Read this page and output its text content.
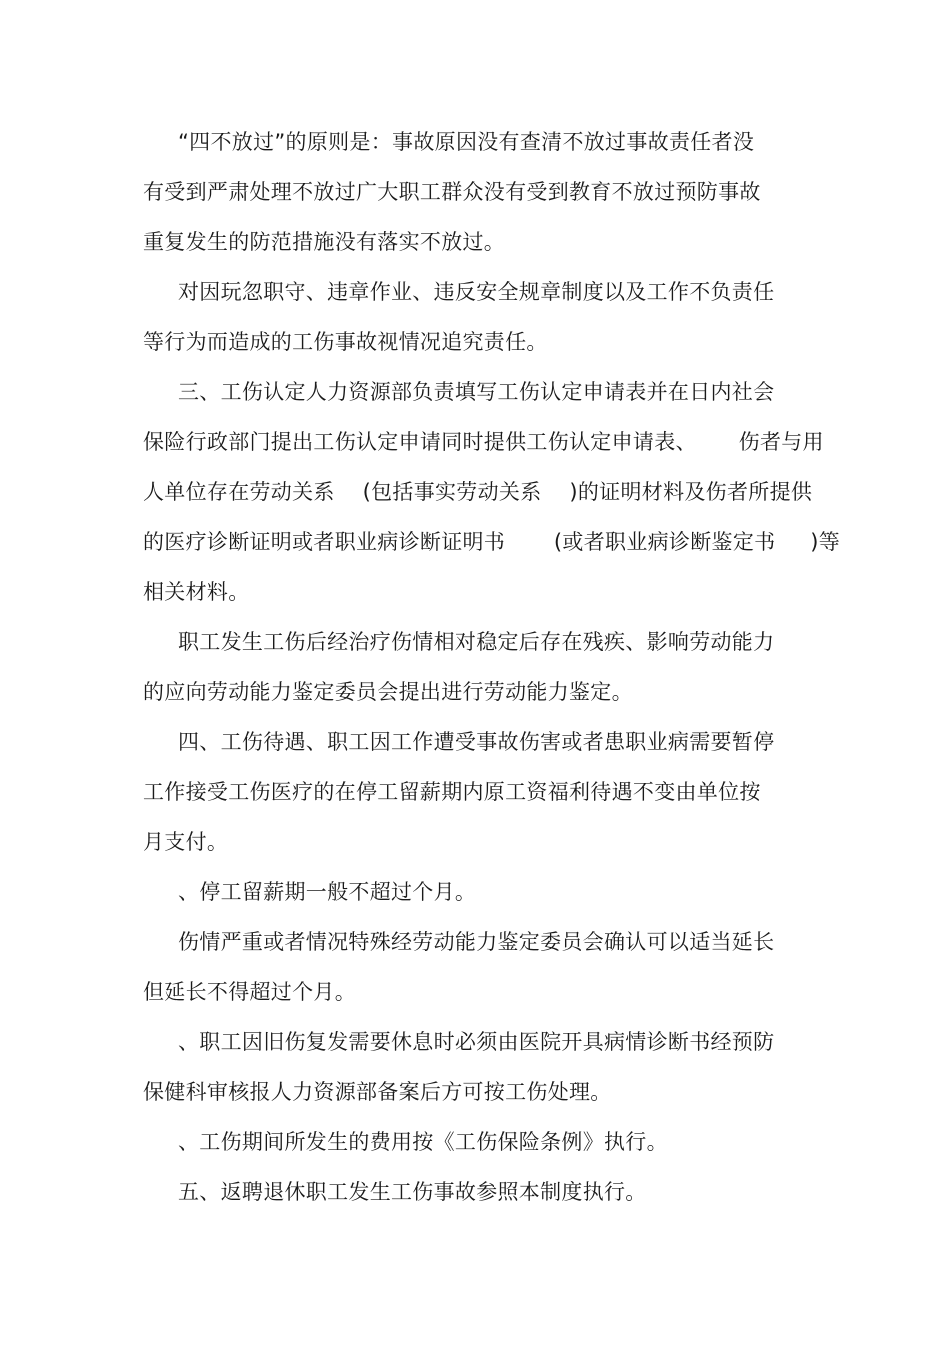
“四不放过”的原则是：事故原因没有查清不放过事故责任者没
有受到严肃处理不放过广大职工群众没有受到教育不放过预防事故
重复发生的防范措施没有落实不放过。
对因玩忽职守、违章作业、违反安全规章制度以及工作不负责任
等行为而造成的工伤事故视情况追究责任。
三、工伤认定人力资源部负责填写工伤认定申请表并在日内社会
保险行政部门提出工伤认定申请同时提供工伤认定申请表、      伤者与用
人单位存在劳动关系    (包括事实劳动关系    )的证明材料及伤者所提供
的医疗诊断证明或者职业病诊断证明书       (或者职业病诊断鉴定书     )等
相关材料。
职工发生工伤后经治疗伤情相对稳定后存在残疾、影响劳动能力
的应向劳动能力鉴定委员会提出进行劳动能力鉴定。
四、工伤待遇、职工因工作遭受事故伤害或者患职业病需要暂停
工作接受工伤医疗的在停工留薪期内原工资福利待遇不变由单位按
月支付。
、停工留薪期一般不超过个月。
伤情严重或者情况特殊经劳动能力鉴定委员会确认可以适当延长
但延长不得超过个月。
、职工因旧伤复发需要休息时必须由医院开具病情诊断书经预防
保健科审核报人力资源部备案后方可按工伤处理。
、工伤期间所发生的费用按《工伤保险条例》执行。
五、返聘退休职工发生工伤事故参照本制度执行。
